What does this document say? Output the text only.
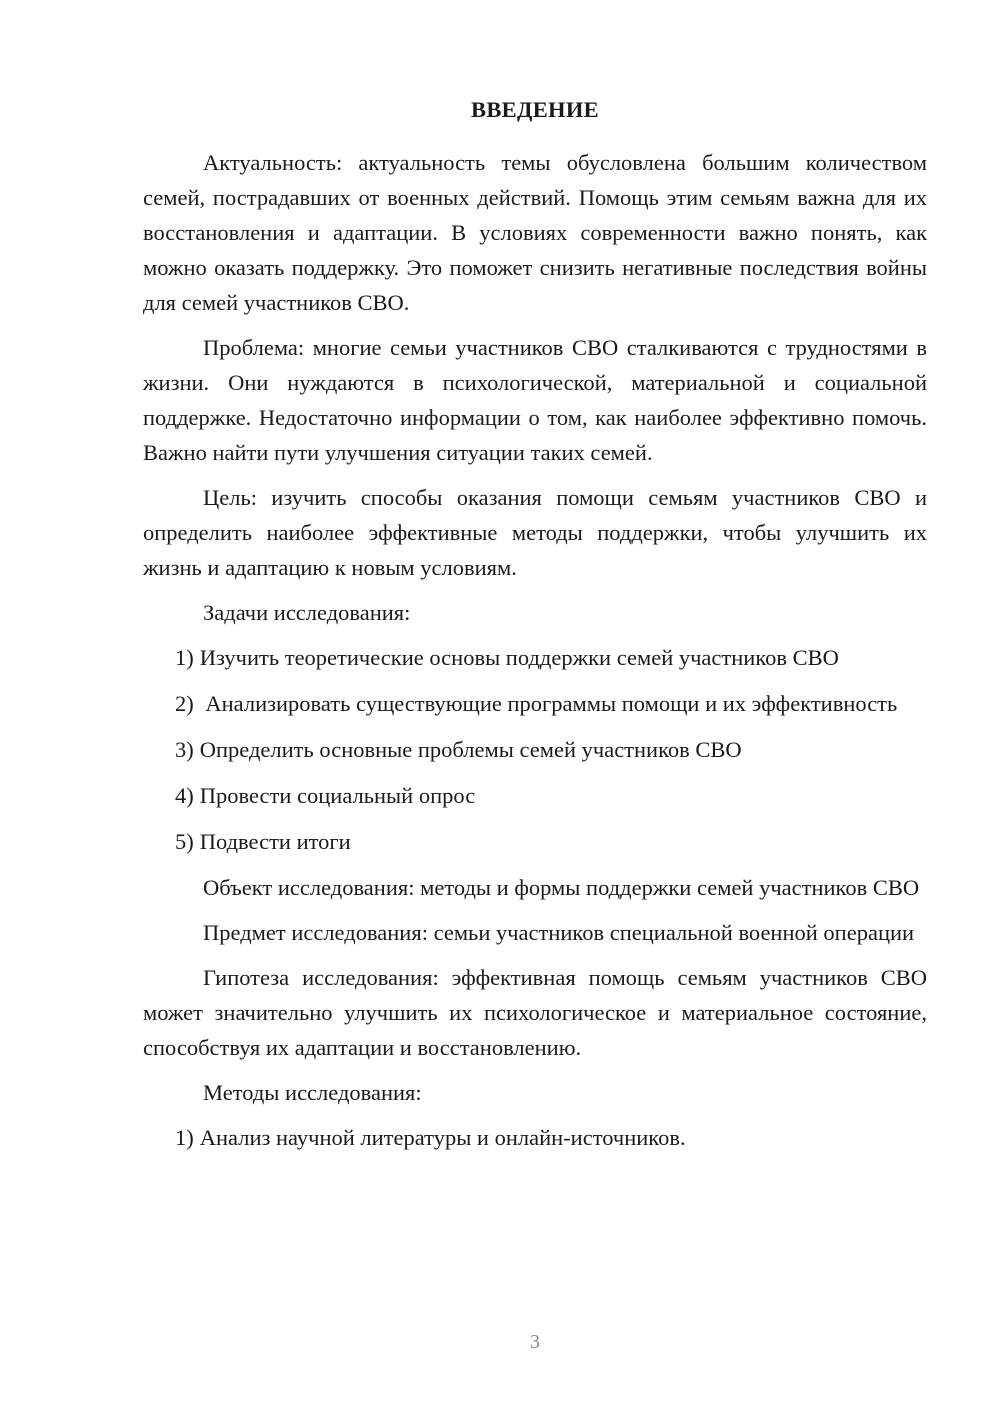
ВВЕДЕНИЕ

Актуальность: актуальность темы обусловлена большим количеством семей, пострадавших от военных действий. Помощь этим семьям важна для их восстановления и адаптации. В условиях современности важно понять, как можно оказать поддержку. Это поможет снизить негативные последствия войны для семей участников СВО.

Проблема: многие семьи участников СВО сталкиваются с трудностями в жизни. Они нуждаются в психологической, материальной и социальной поддержке. Недостаточно информации о том, как наиболее эффективно помочь. Важно найти пути улучшения ситуации таких семей.

Цель: изучить способы оказания помощи семьям участников СВО и определить наиболее эффективные методы поддержки, чтобы улучшить их жизнь и адаптацию к новым условиям.

Задачи исследования:

1) Изучить теоретические основы поддержки семей участников СВО

2) Анализировать существующие программы помощи и их эффективность

3) Определить основные проблемы семей участников СВО

4) Провести социальный опрос

5) Подвести итоги

Объект исследования: методы и формы поддержки семей участников СВО

Предмет исследования: семьи участников специальной военной операции

Гипотеза исследования: эффективная помощь семьям участников СВО может значительно улучшить их психологическое и материальное состояние, способствуя их адаптации и восстановлению.

Методы исследования:

1) Анализ научной литературы и онлайн-источников.

3
